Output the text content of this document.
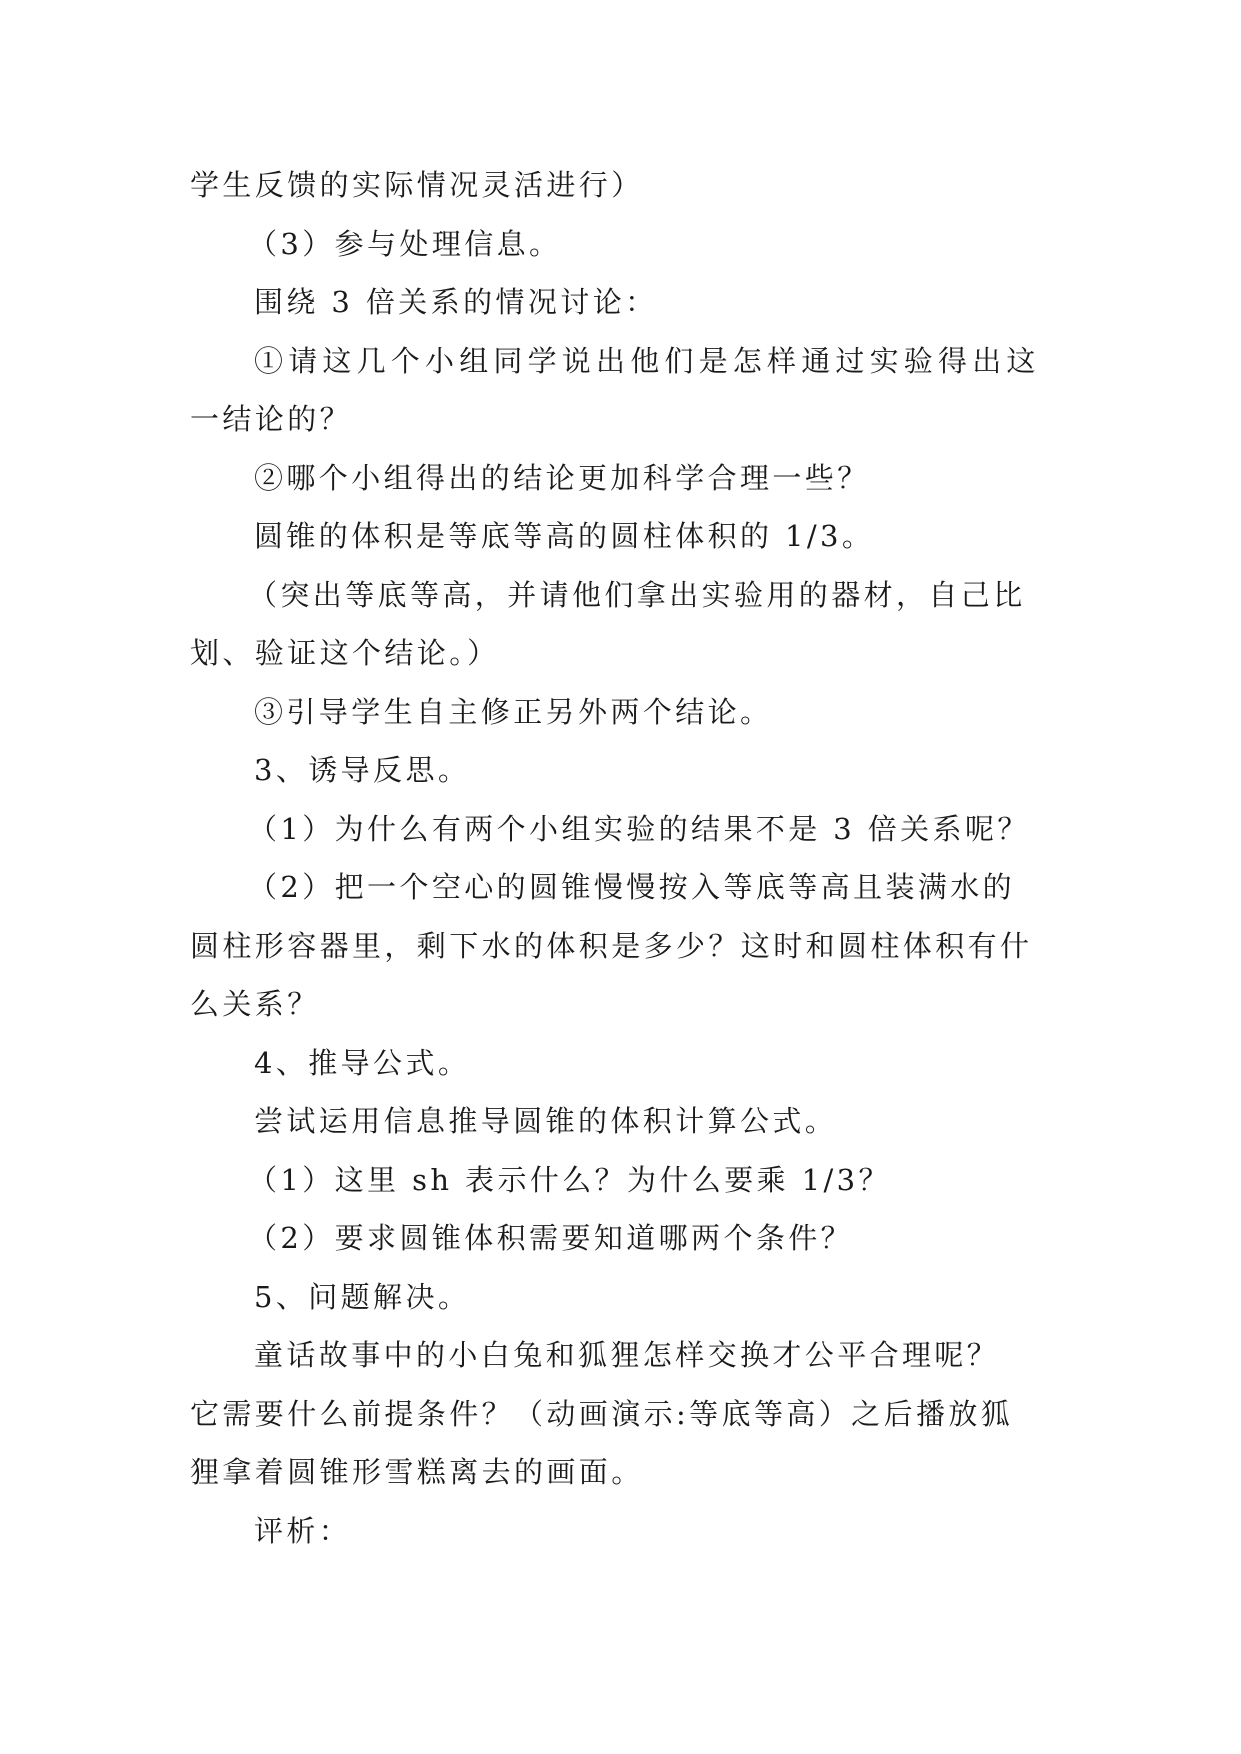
学生反馈的实际情况灵活进行）
（3）参与处理信息。
围绕 3 倍关系的情况讨论：
①请这几个小组同学说出他们是怎样通过实验得出这
一结论的？
②哪个小组得出的结论更加科学合理一些？
圆锥的体积是等底等高的圆柱体积的 1/3。
（突出等底等高，并请他们拿出实验用的器材，自己比
划、验证这个结论。）
③引导学生自主修正另外两个结论。
3、诱导反思。
（1）为什么有两个小组实验的结果不是 3 倍关系呢？
（2）把一个空心的圆锥慢慢按入等底等高且装满水的
圆柱形容器里，剩下水的体积是多少？这时和圆柱体积有什
么关系？
4、推导公式。
尝试运用信息推导圆锥的体积计算公式。
（1）这里 sh 表示什么？为什么要乘 1/3？
（2）要求圆锥体积需要知道哪两个条件？
5、问题解决。
童话故事中的小白兔和狐狸怎样交换才公平合理呢？
它需要什么前提条件？（动画演示:等底等高）之后播放狐
狸拿着圆锥形雪糕离去的画面。
评析：
